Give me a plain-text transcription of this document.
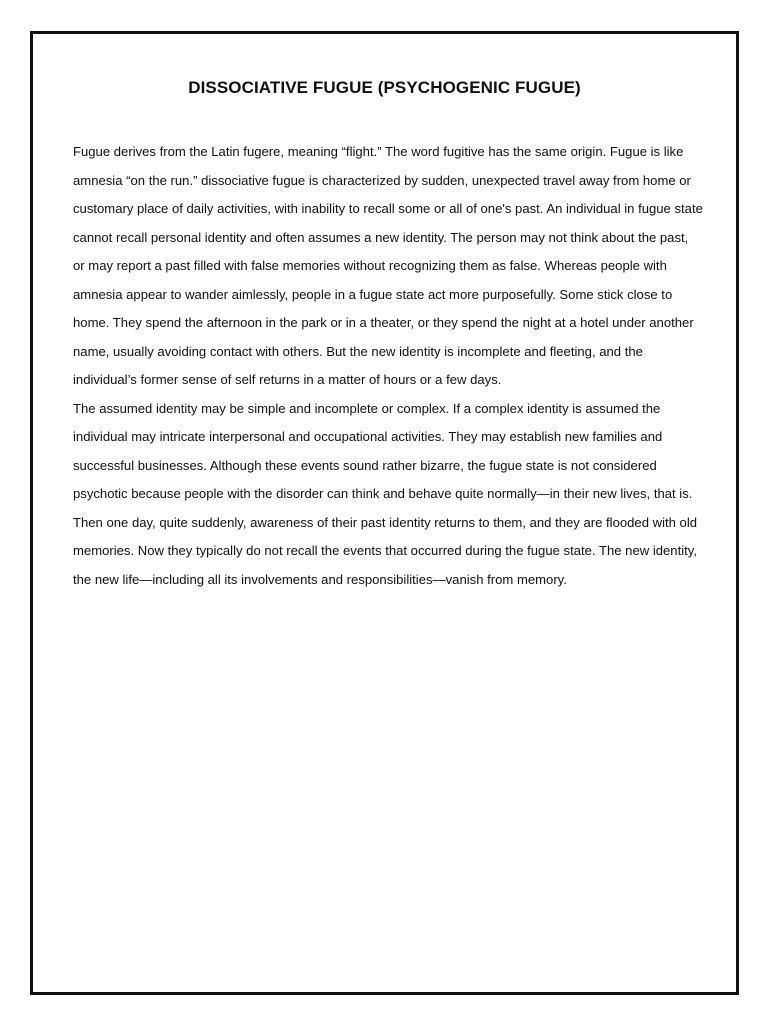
DISSOCIATIVE FUGUE (PSYCHOGENIC FUGUE)

Fugue derives from the Latin fugere, meaning “flight.” The word fugitive has the same origin. Fugue is like amnesia “on the run.” dissociative fugue is characterized by sudden, unexpected travel away from home or customary place of daily activities, with inability to recall some or all of one's past. An individual in fugue state cannot recall personal identity and often assumes a new identity. The person may not think about the past, or may report a past filled with false memories without recognizing them as false. Whereas people with amnesia appear to wander aimlessly, people in a fugue state act more purposefully. Some stick close to home. They spend the afternoon in the park or in a theater, or they spend the night at a hotel under another name, usually avoiding contact with others. But the new identity is incomplete and fleeting, and the individual’s former sense of self returns in a matter of hours or a few days.

The assumed identity may be simple and incomplete or complex. If a complex identity is assumed the individual may intricate interpersonal and occupational activities. They may establish new families and successful businesses. Although these events sound rather bizarre, the fugue state is not considered psychotic because people with the disorder can think and behave quite normally—in their new lives, that is. Then one day, quite suddenly, awareness of their past identity returns to them, and they are flooded with old memories. Now they typically do not recall the events that occurred during the fugue state. The new identity, the new life—including all its involvements and responsibilities—vanish from memory.
